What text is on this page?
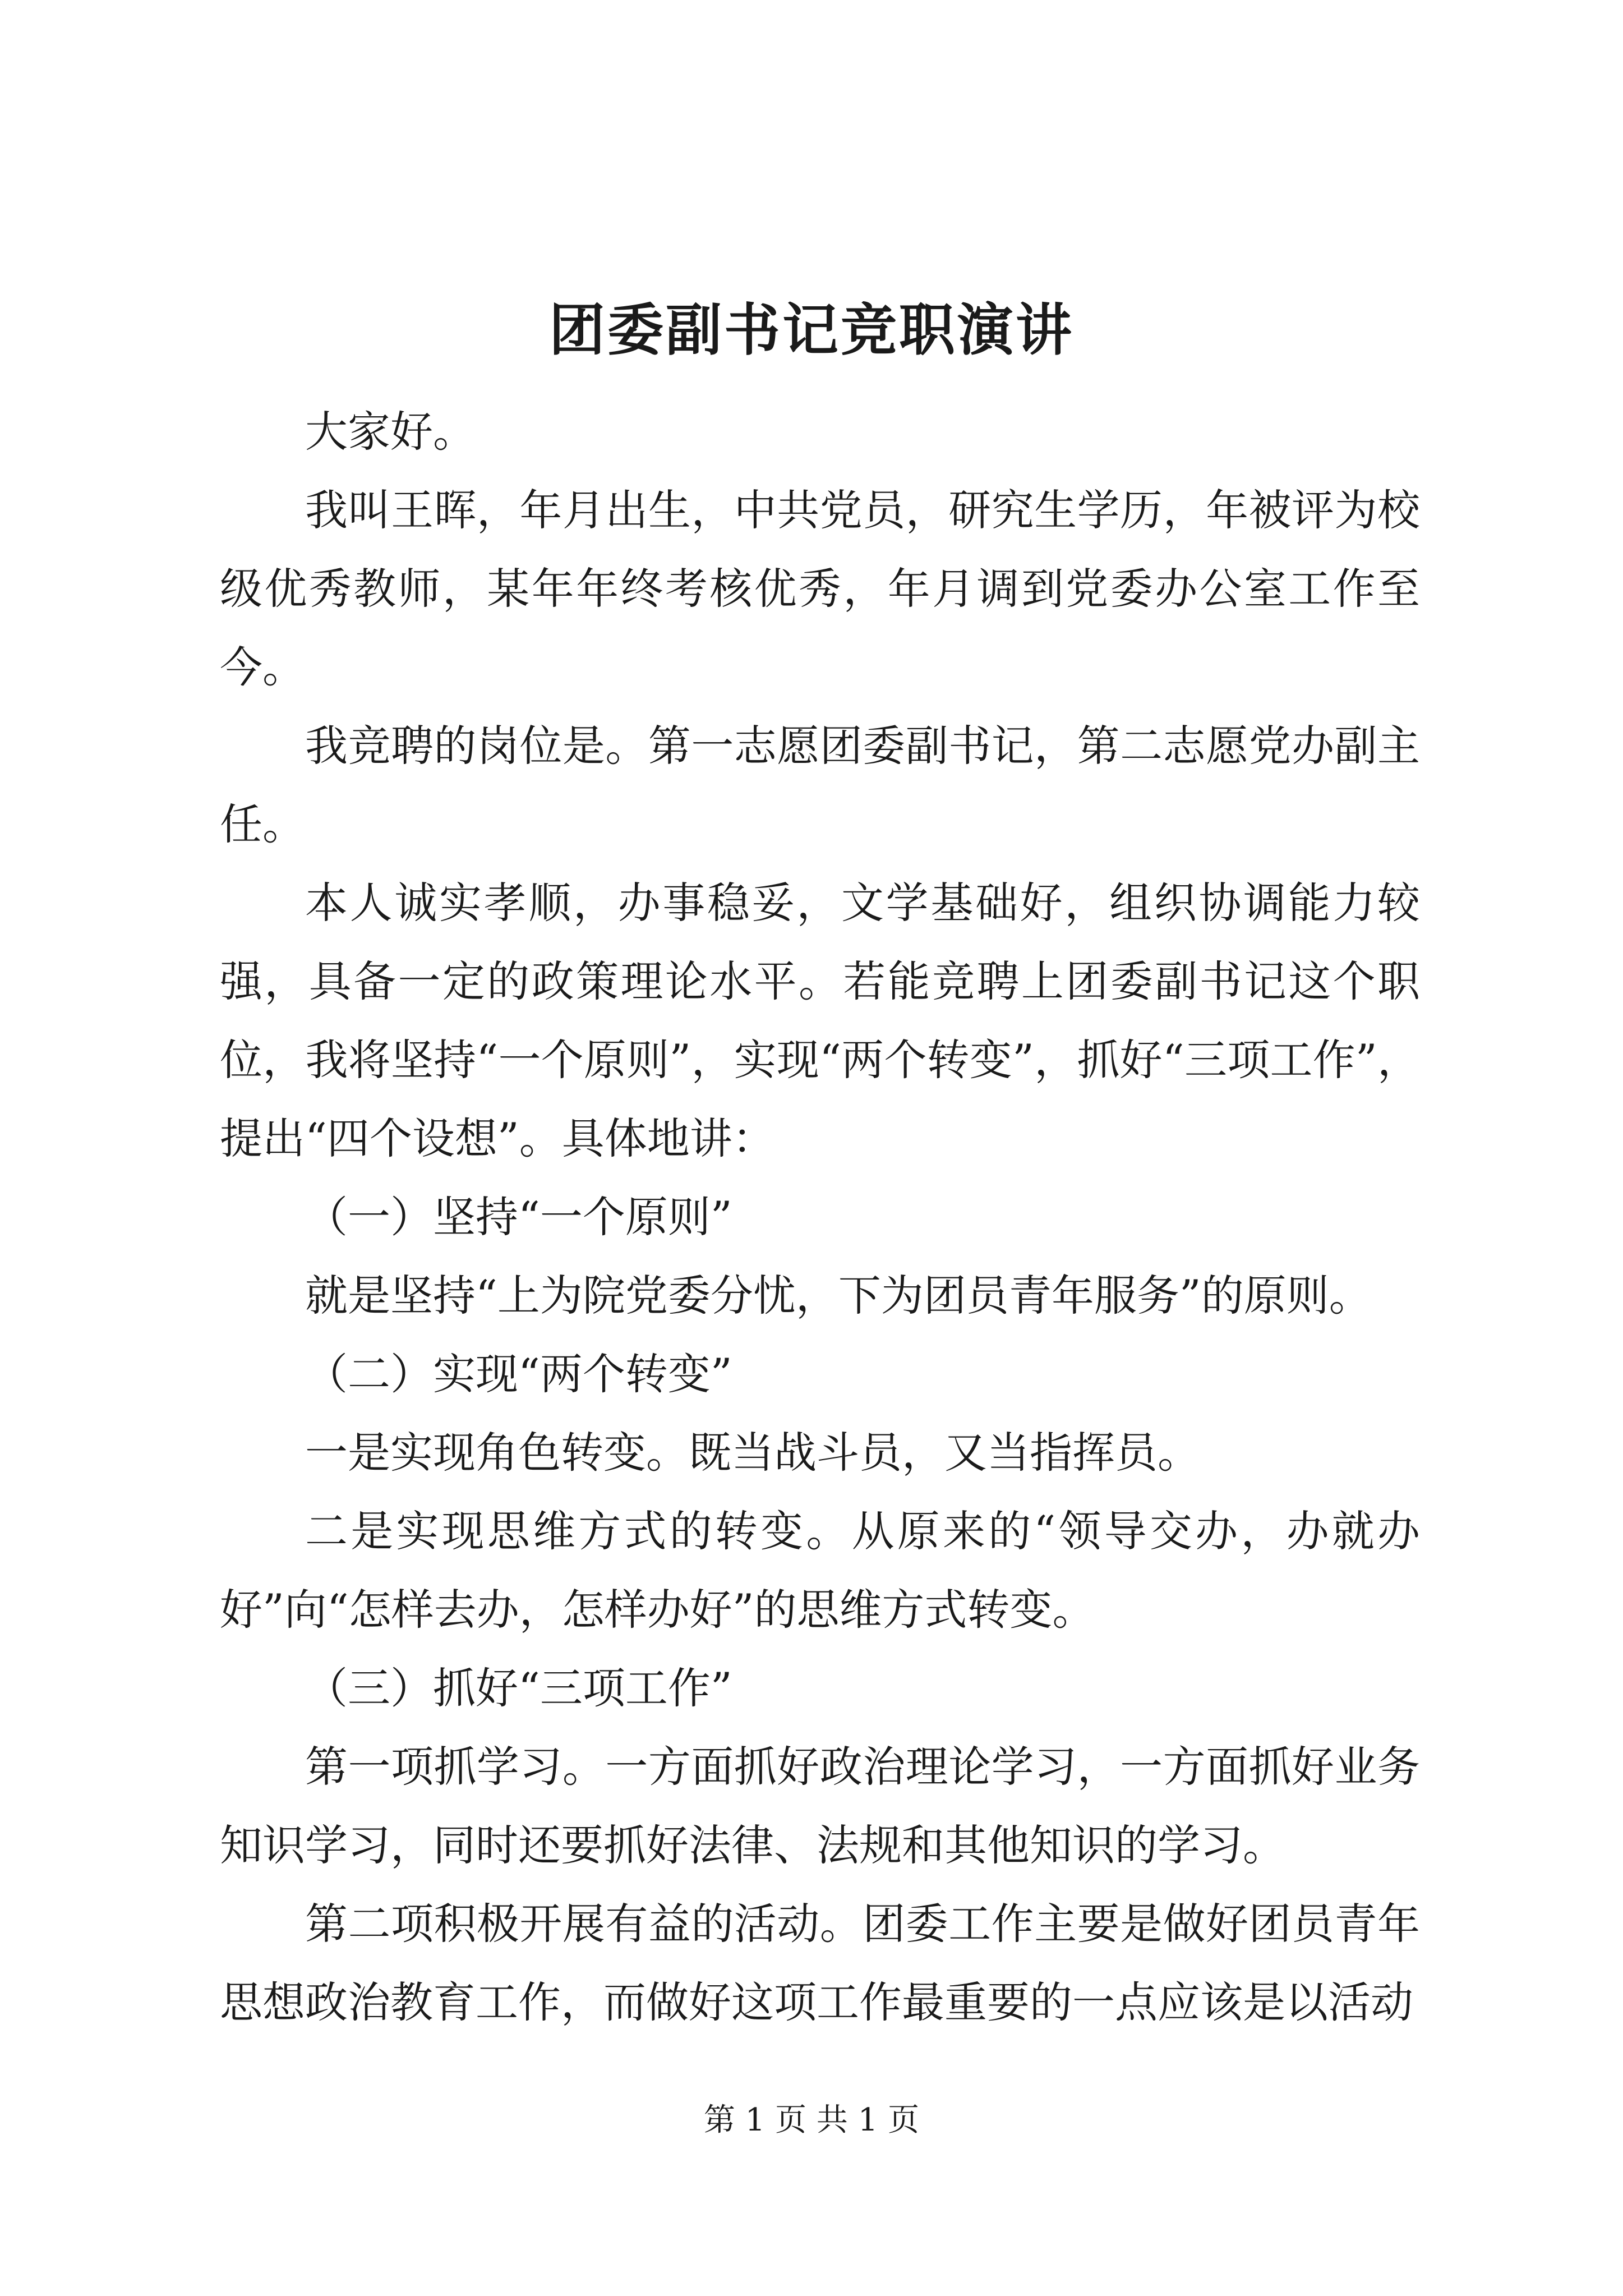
团委副书记竞职演讲

大家好。

我叫王晖，年月出生，中共党员，研究生学历，年被评为校级优秀教师，某年年终考核优秀，年月调到党委办公室工作至今。

我竞聘的岗位是。第一志愿团委副书记，第二志愿党办副主任。

本人诚实孝顺，办事稳妥，文学基础好，组织协调能力较强，具备一定的政策理论水平。若能竞聘上团委副书记这个职位，我将坚持“一个原则”，实现“两个转变”，抓好“三项工作”，提出“四个设想”。具体地讲：

（一）坚持“一个原则”

就是坚持“上为院党委分忧，下为团员青年服务”的原则。

（二）实现“两个转变”

一是实现角色转变。既当战斗员，又当指挥员。

二是实现思维方式的转变。从原来的“领导交办，办就办好”向“怎样去办，怎样办好”的思维方式转变。

（三）抓好“三项工作”

第一项抓学习。一方面抓好政治理论学习，一方面抓好业务知识学习，同时还要抓好法律、法规和其他知识的学习。

第二项积极开展有益的活动。团委工作主要是做好团员青年思想政治教育工作，而做好这项工作最重要的一点应该是以活动

第 1 页 共 1 页
